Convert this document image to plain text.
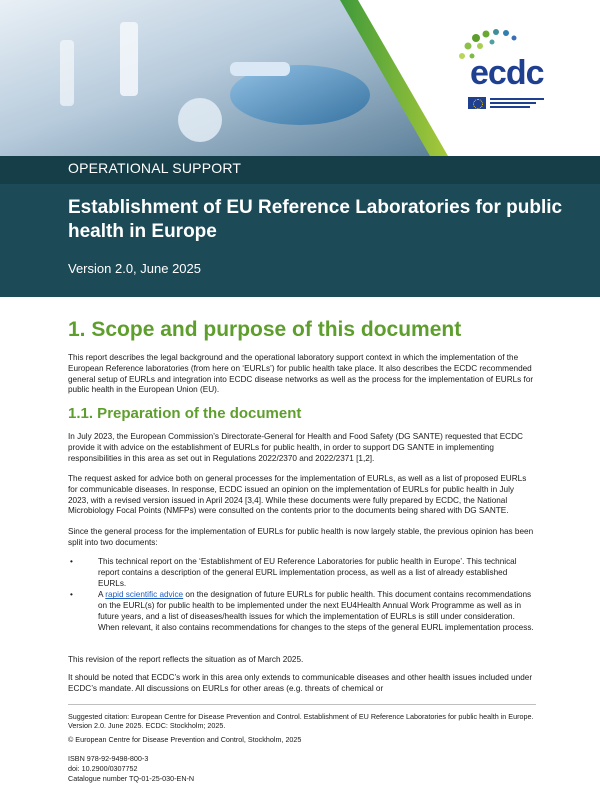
ecdc
OPERATIONAL SUPPORT
Establishment of EU Reference Laboratories for public health in Europe
Version 2.0, June 2025
1. Scope and purpose of this document
This report describes the legal background and the operational laboratory support context in which the implementation of the European Reference laboratories (from here on ‘EURLs’) for public health take place. It also describes the ECDC recommended general setup of EURLs and integration into ECDC disease networks as well as the process for the implementation of EURLs for public health in the European Union (EU).
1.1. Preparation of the document
In July 2023, the European Commission’s Directorate-General for Health and Food Safety (DG SANTE) requested that ECDC provide it with advice on the establishment of EURLs for public health, in order to support DG SANTE in implementing responsibilities in this area as set out in Regulations 2022/2370 and 2022/2371 [1,2].
The request asked for advice both on general processes for the implementation of EURLs, as well as a list of proposed EURLs for communicable diseases. In response, ECDC issued an opinion on the implementation of EURLs for public health in July 2023, with a revised version issued in April 2024 [3,4]. While these documents were fully prepared by ECDC, the National Microbiology Focal Points (NMFPs) were consulted on the contents prior to the documents being shared with DG SANTE.
Since the general process for the implementation of EURLs for public health is now largely stable, the previous opinion has been split into two documents:
•	This technical report on the ‘Establishment of EU Reference Laboratories for public health in Europe’. This technical report contains a description of the general EURL implementation process, as well as a list of already established EURLs.
•	A rapid scientific advice on the designation of future EURLs for public health. This document contains recommendations on the EURL(s) for public health to be implemented under the next EU4Health Annual Work Programme as well as in future years, and a list of diseases/health issues for which the implementation of EURLs is still under consideration. When relevant, it also contains recommendations for changes to the steps of the general EURL implementation process.
This revision of the report reflects the situation as of March 2025.
It should be noted that ECDC’s work in this area only extends to communicable diseases and other health issues included under ECDC’s mandate. All discussions on EURLs for other areas (e.g. threats of chemical or
Suggested citation: European Centre for Disease Prevention and Control. Establishment of EU Reference Laboratories for public health in Europe. Version 2.0. June 2025. ECDC: Stockholm; 2025.
© European Centre for Disease Prevention and Control, Stockholm, 2025
ISBN 978-92-9498-800-3
doi: 10.2900/0307752
Catalogue number TQ-01-25-030-EN-N
